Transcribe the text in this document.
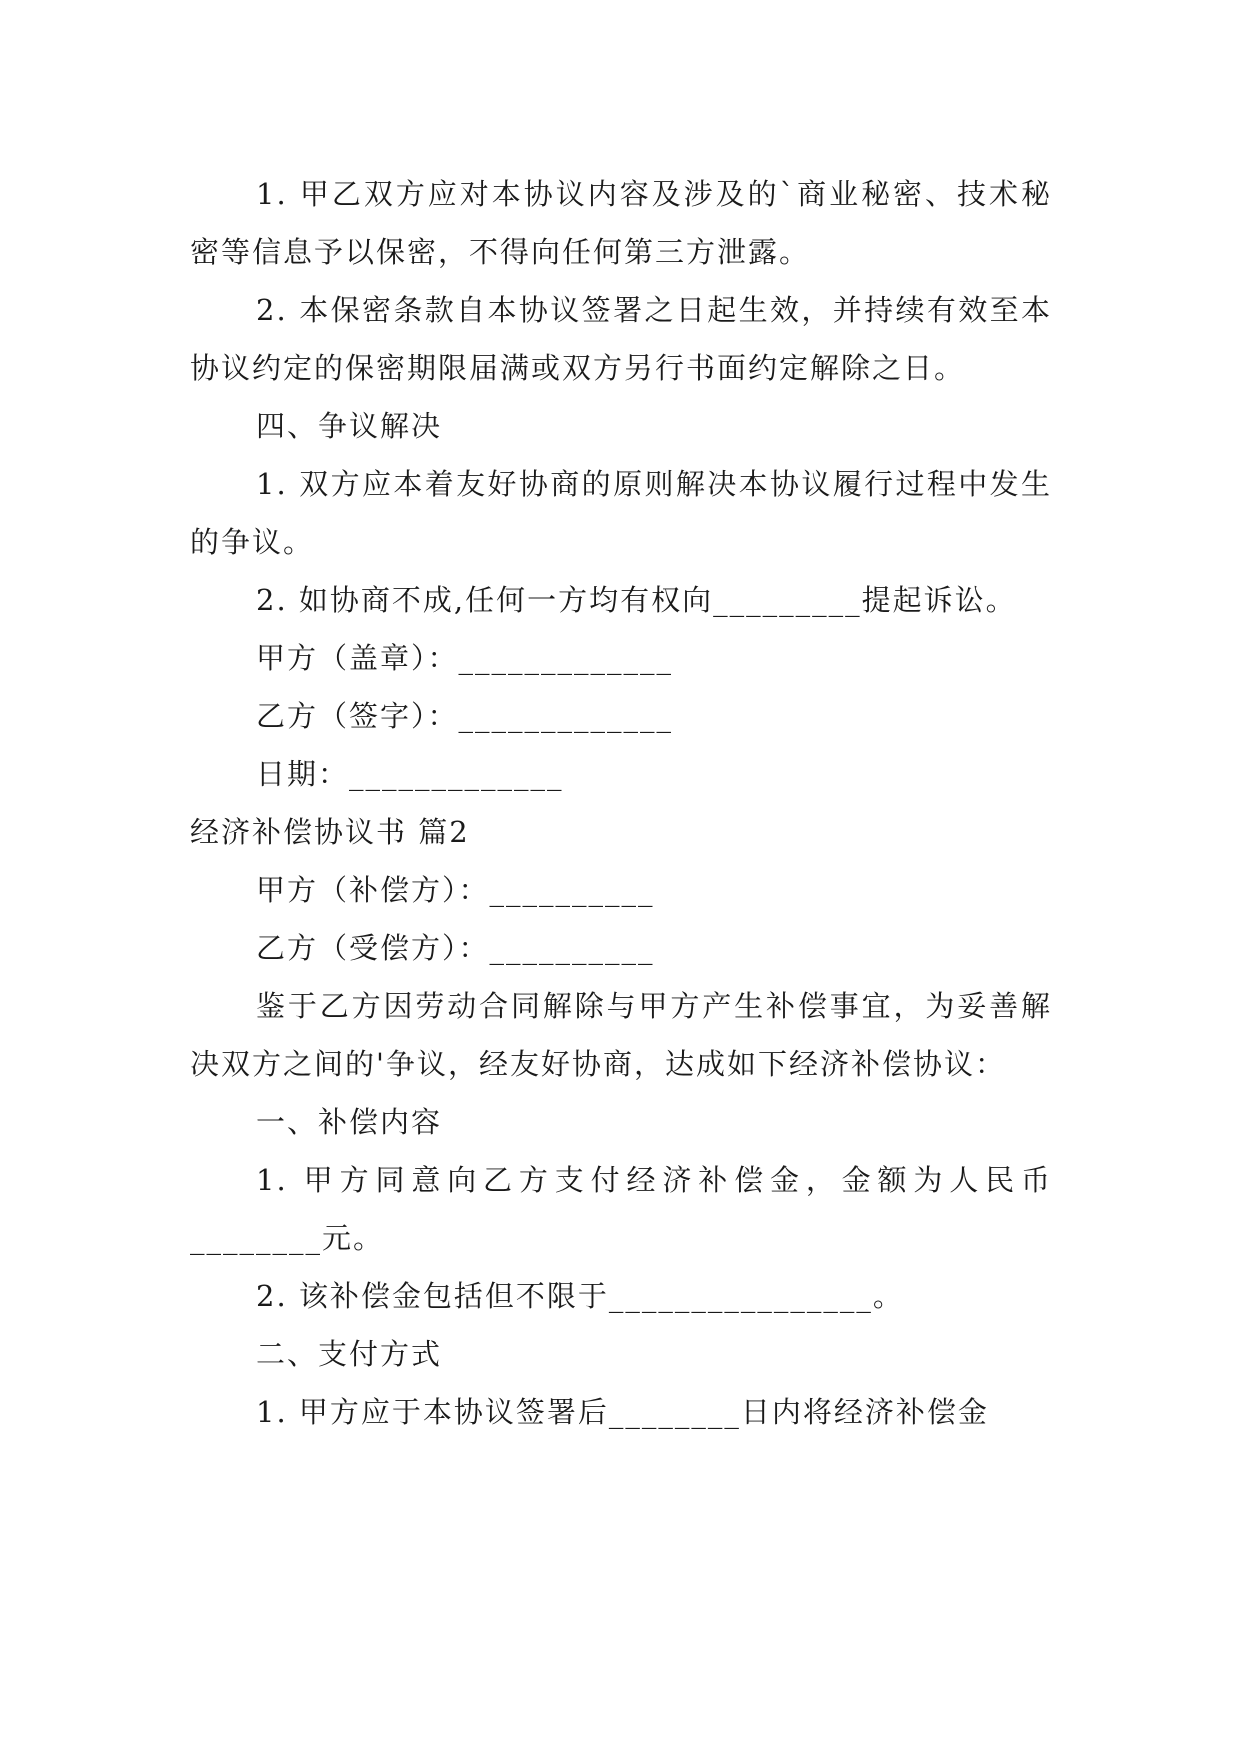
1. 甲乙双方应对本协议内容及涉及的`商业秘密、技术秘密等信息予以保密，不得向任何第三方泄露。

2. 本保密条款自本协议签署之日起生效，并持续有效至本协议约定的保密期限届满或双方另行书面约定解除之日。

四、争议解决

1. 双方应本着友好协商的原则解决本协议履行过程中发生的争议。

2. 如协商不成,任何一方均有权向_________提起诉讼。

甲方（盖章）：_____________

乙方（签字）：_____________

日期：_____________

经济补偿协议书 篇2

甲方（补偿方）：__________

乙方（受偿方）：__________

鉴于乙方因劳动合同解除与甲方产生补偿事宜，为妥善解决双方之间的'争议，经友好协商，达成如下经济补偿协议：

一、补偿内容

1. 甲方同意向乙方支付经济补偿金，金额为人民币________元。

2. 该补偿金包括但不限于________________。

二、支付方式

1. 甲方应于本协议签署后________日内将经济补偿金
